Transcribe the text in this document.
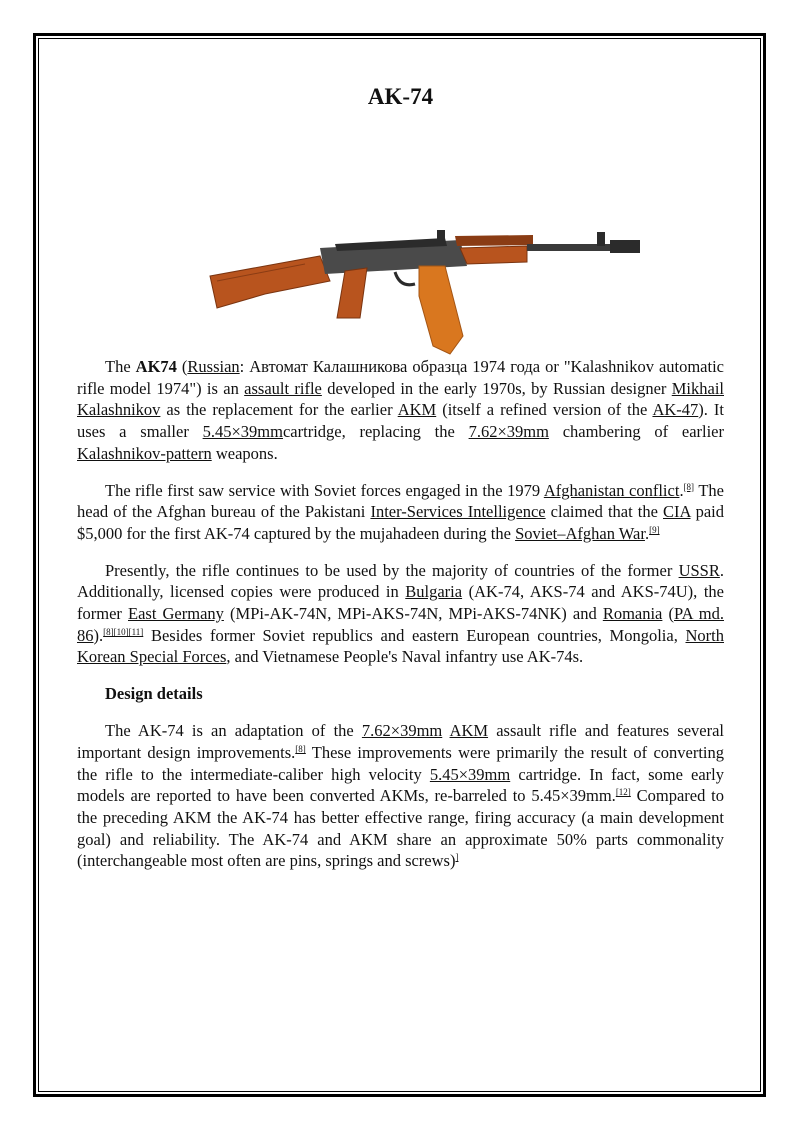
AK-74

The AK74 (Russian: Автомат Калашникова образца 1974 года or "Kalashnikov automatic rifle model 1974") is an assault rifle developed in the early 1970s, by Russian designer Mikhail Kalashnikov as the replacement for the earlier AKM (itself a refined version of the AK-47). It uses a smaller 5.45×39mmcartridge, replacing the 7.62×39mm chambering of earlier Kalashnikov-pattern weapons.

The rifle first saw service with Soviet forces engaged in the 1979 Afghanistan conflict.[8] The head of the Afghan bureau of the Pakistani Inter-Services Intelligence claimed that the CIA paid $5,000 for the first AK-74 captured by the mujahadeen during the Soviet–Afghan War.[9]

Presently, the rifle continues to be used by the majority of countries of the former USSR. Additionally, licensed copies were produced in Bulgaria (AK-74, AKS-74 and AKS-74U), the former East Germany (MPi-AK-74N, MPi-AKS-74N, MPi-AKS-74NK) and Romania (PA md. 86).[8][10][11] Besides former Soviet republics and eastern European countries, Mongolia, North Korean Special Forces, and Vietnamese People's Naval infantry use AK-74s.

Design details

The AK-74 is an adaptation of the 7.62×39mm AKM assault rifle and features several important design improvements.[8] These improvements were primarily the result of converting the rifle to the intermediate-caliber high velocity 5.45×39mm cartridge. In fact, some early models are reported to have been converted AKMs, re-barreled to 5.45×39mm.[12] Compared to the preceding AKM the AK-74 has better effective range, firing accuracy (a main development goal) and reliability. The AK-74 and AKM share an approximate 50% parts commonality (interchangeable most often are pins, springs and screws)]
